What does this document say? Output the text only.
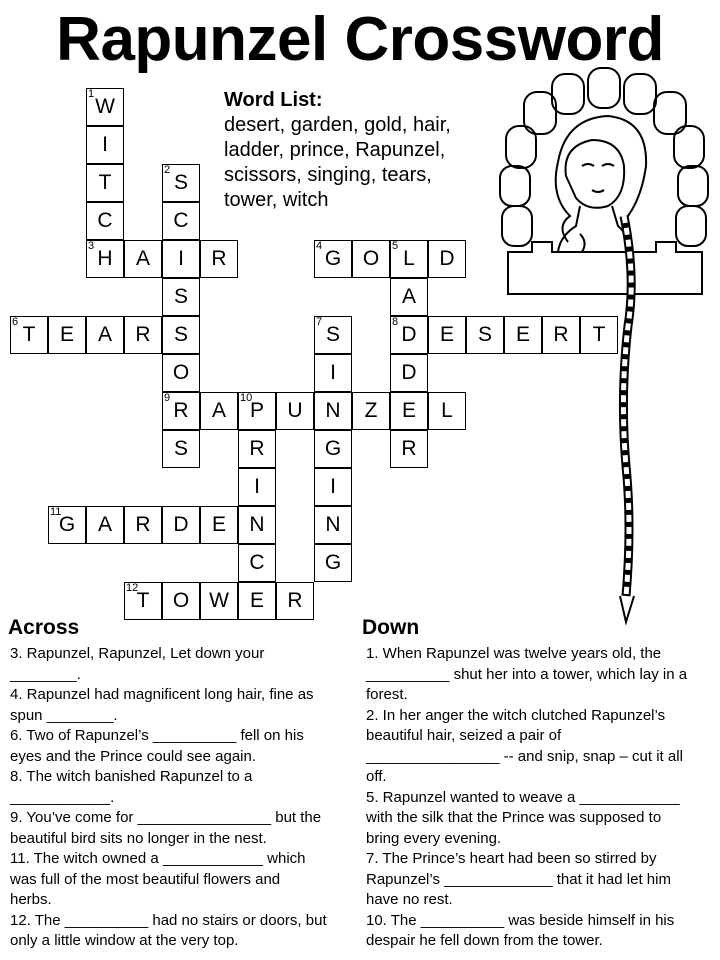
Rapunzel Crossword
1
W
I
T
C
2
S
C
I
S
S
O
9
R
S
3
H	A	R
4
G	O
5
L	D
A
8
D
D
E
R
6
T	E	A	R
7
S
I
N
G
I
N
G
E	S	E	R	T
A
10
P	U	Z	L
R
I
N
C
E
11
G	A	R	D	E
12
T	O W	R
Word List:
desert, garden, gold, hair,
ladder, prince, Rapunzel,
scissors, singing, tears,
tower, witch
Across
3. Rapunzel, Rapunzel, Let down your
________.
4. Rapunzel had magnificent long hair, fine as
spun ________.
6. Two of Rapunzel’s __________ fell on his
eyes and the Prince could see again.
8. The witch banished Rapunzel to a
____________.
9. You’ve come for ________________ but the
beautiful bird sits no longer in the nest.
11. The witch owned a ____________ which
was full of the most beautiful flowers and
herbs.
12. The __________ had no stairs or doors, but
only a little window at the very top.
Down
1. When Rapunzel was twelve years old, the
__________ shut her into a tower, which lay in a
forest.
2. In her anger the witch clutched Rapunzel’s
beautiful hair, seized a pair of
________________ -- and snip, snap – cut it all
off.
5. Rapunzel wanted to weave a ____________
with the silk that the Prince was supposed to
bring every evening.
7. The Prince’s heart had been so stirred by
Rapunzel’s _____________ that it had let him
have no rest.
10. The __________ was beside himself in his
despair he fell down from the tower.
